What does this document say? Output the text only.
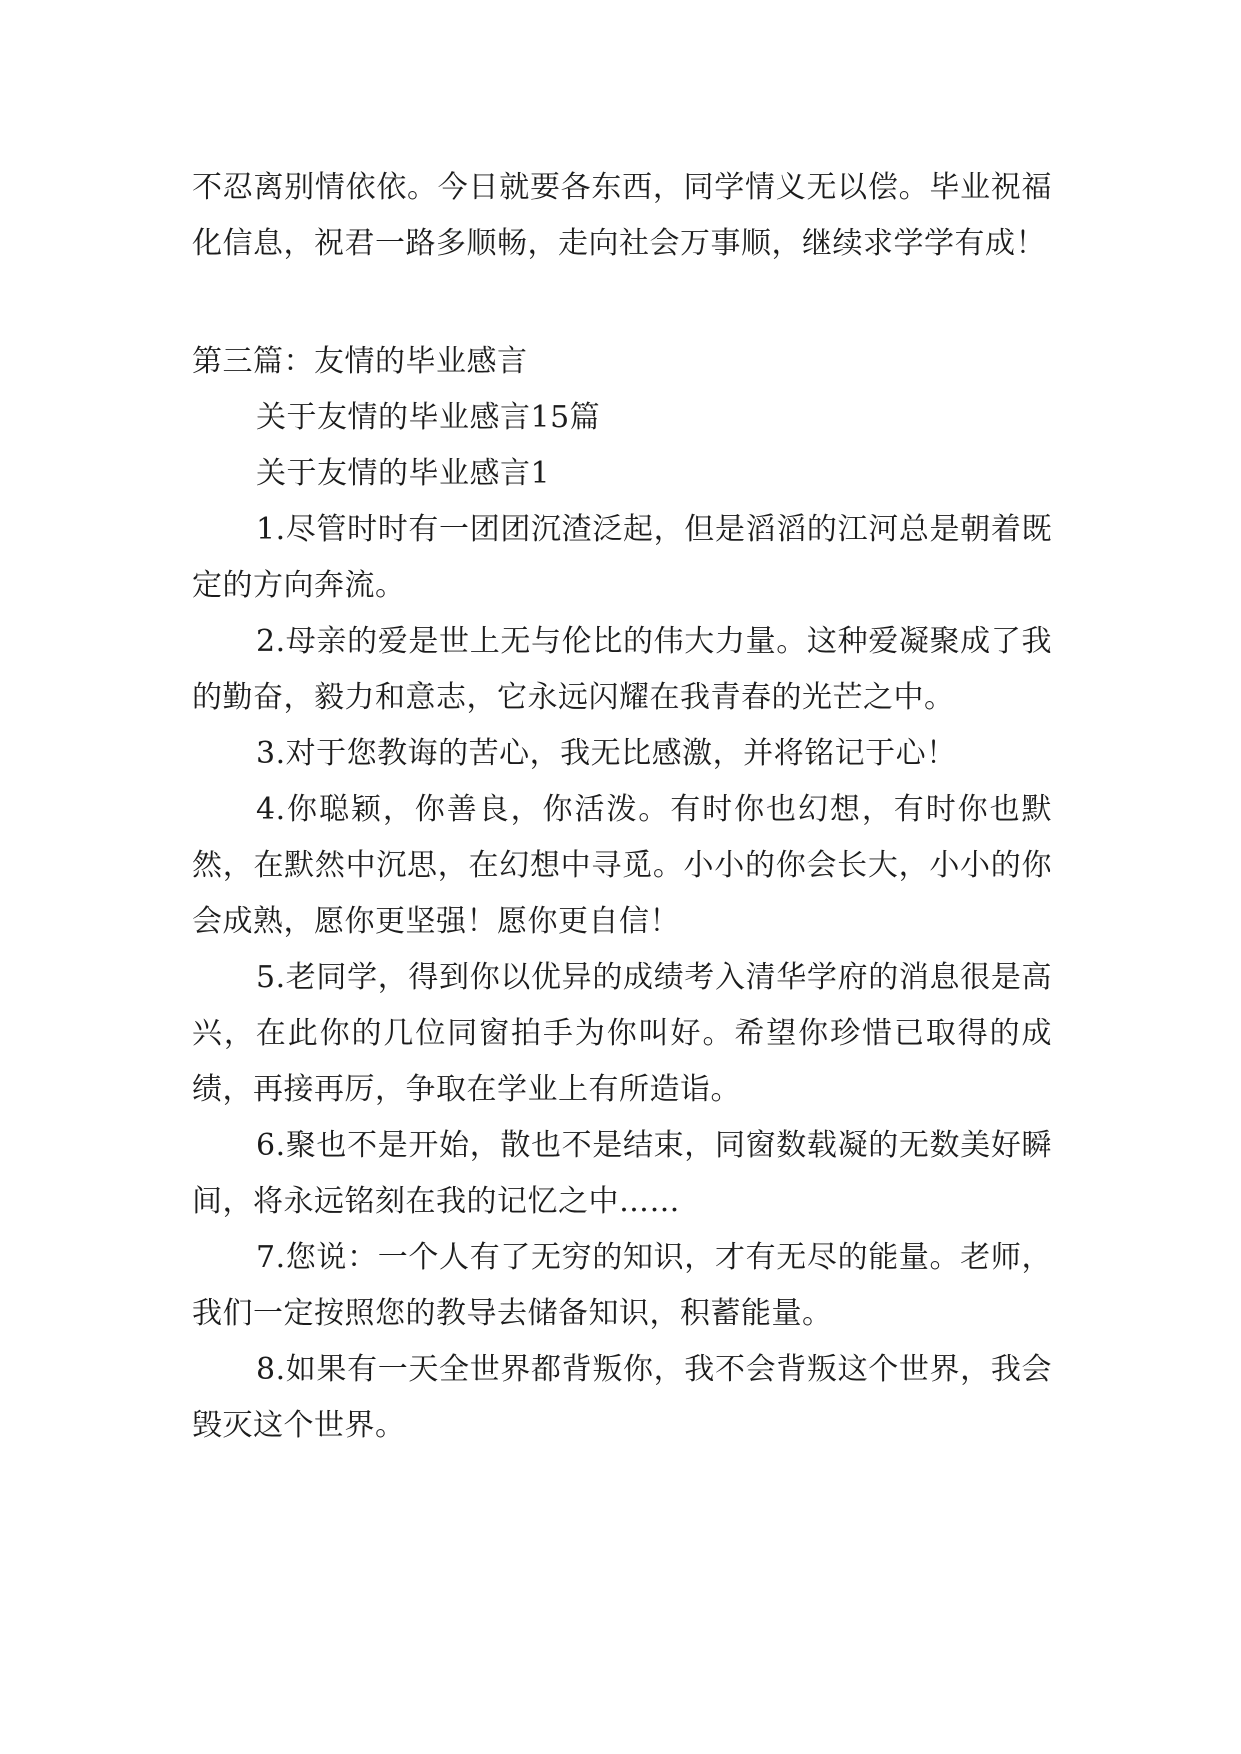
不忍离别情依依。今日就要各东西，同学情义无以偿。毕业祝福化信息，祝君一路多顺畅，走向社会万事顺，继续求学学有成！

第三篇：友情的毕业感言

关于友情的毕业感言15篇

关于友情的毕业感言1

1.尽管时时有一团团沉渣泛起，但是滔滔的江河总是朝着既定的方向奔流。

2.母亲的爱是世上无与伦比的伟大力量。这种爱凝聚成了我的勤奋，毅力和意志，它永远闪耀在我青春的光芒之中。

3.对于您教诲的苦心，我无比感激，并将铭记于心！

4.你聪颖，你善良，你活泼。有时你也幻想，有时你也默然，在默然中沉思，在幻想中寻觅。小小的你会长大，小小的你会成熟，愿你更坚强！愿你更自信！

5.老同学，得到你以优异的成绩考入清华学府的消息很是高兴，在此你的几位同窗拍手为你叫好。希望你珍惜已取得的成绩，再接再厉，争取在学业上有所造诣。

6.聚也不是开始，散也不是结束，同窗数载凝的无数美好瞬间，将永远铭刻在我的记忆之中……

7.您说：一个人有了无穷的知识，才有无尽的能量。老师，我们一定按照您的教导去储备知识，积蓄能量。

8.如果有一天全世界都背叛你，我不会背叛这个世界，我会毁灭这个世界。
